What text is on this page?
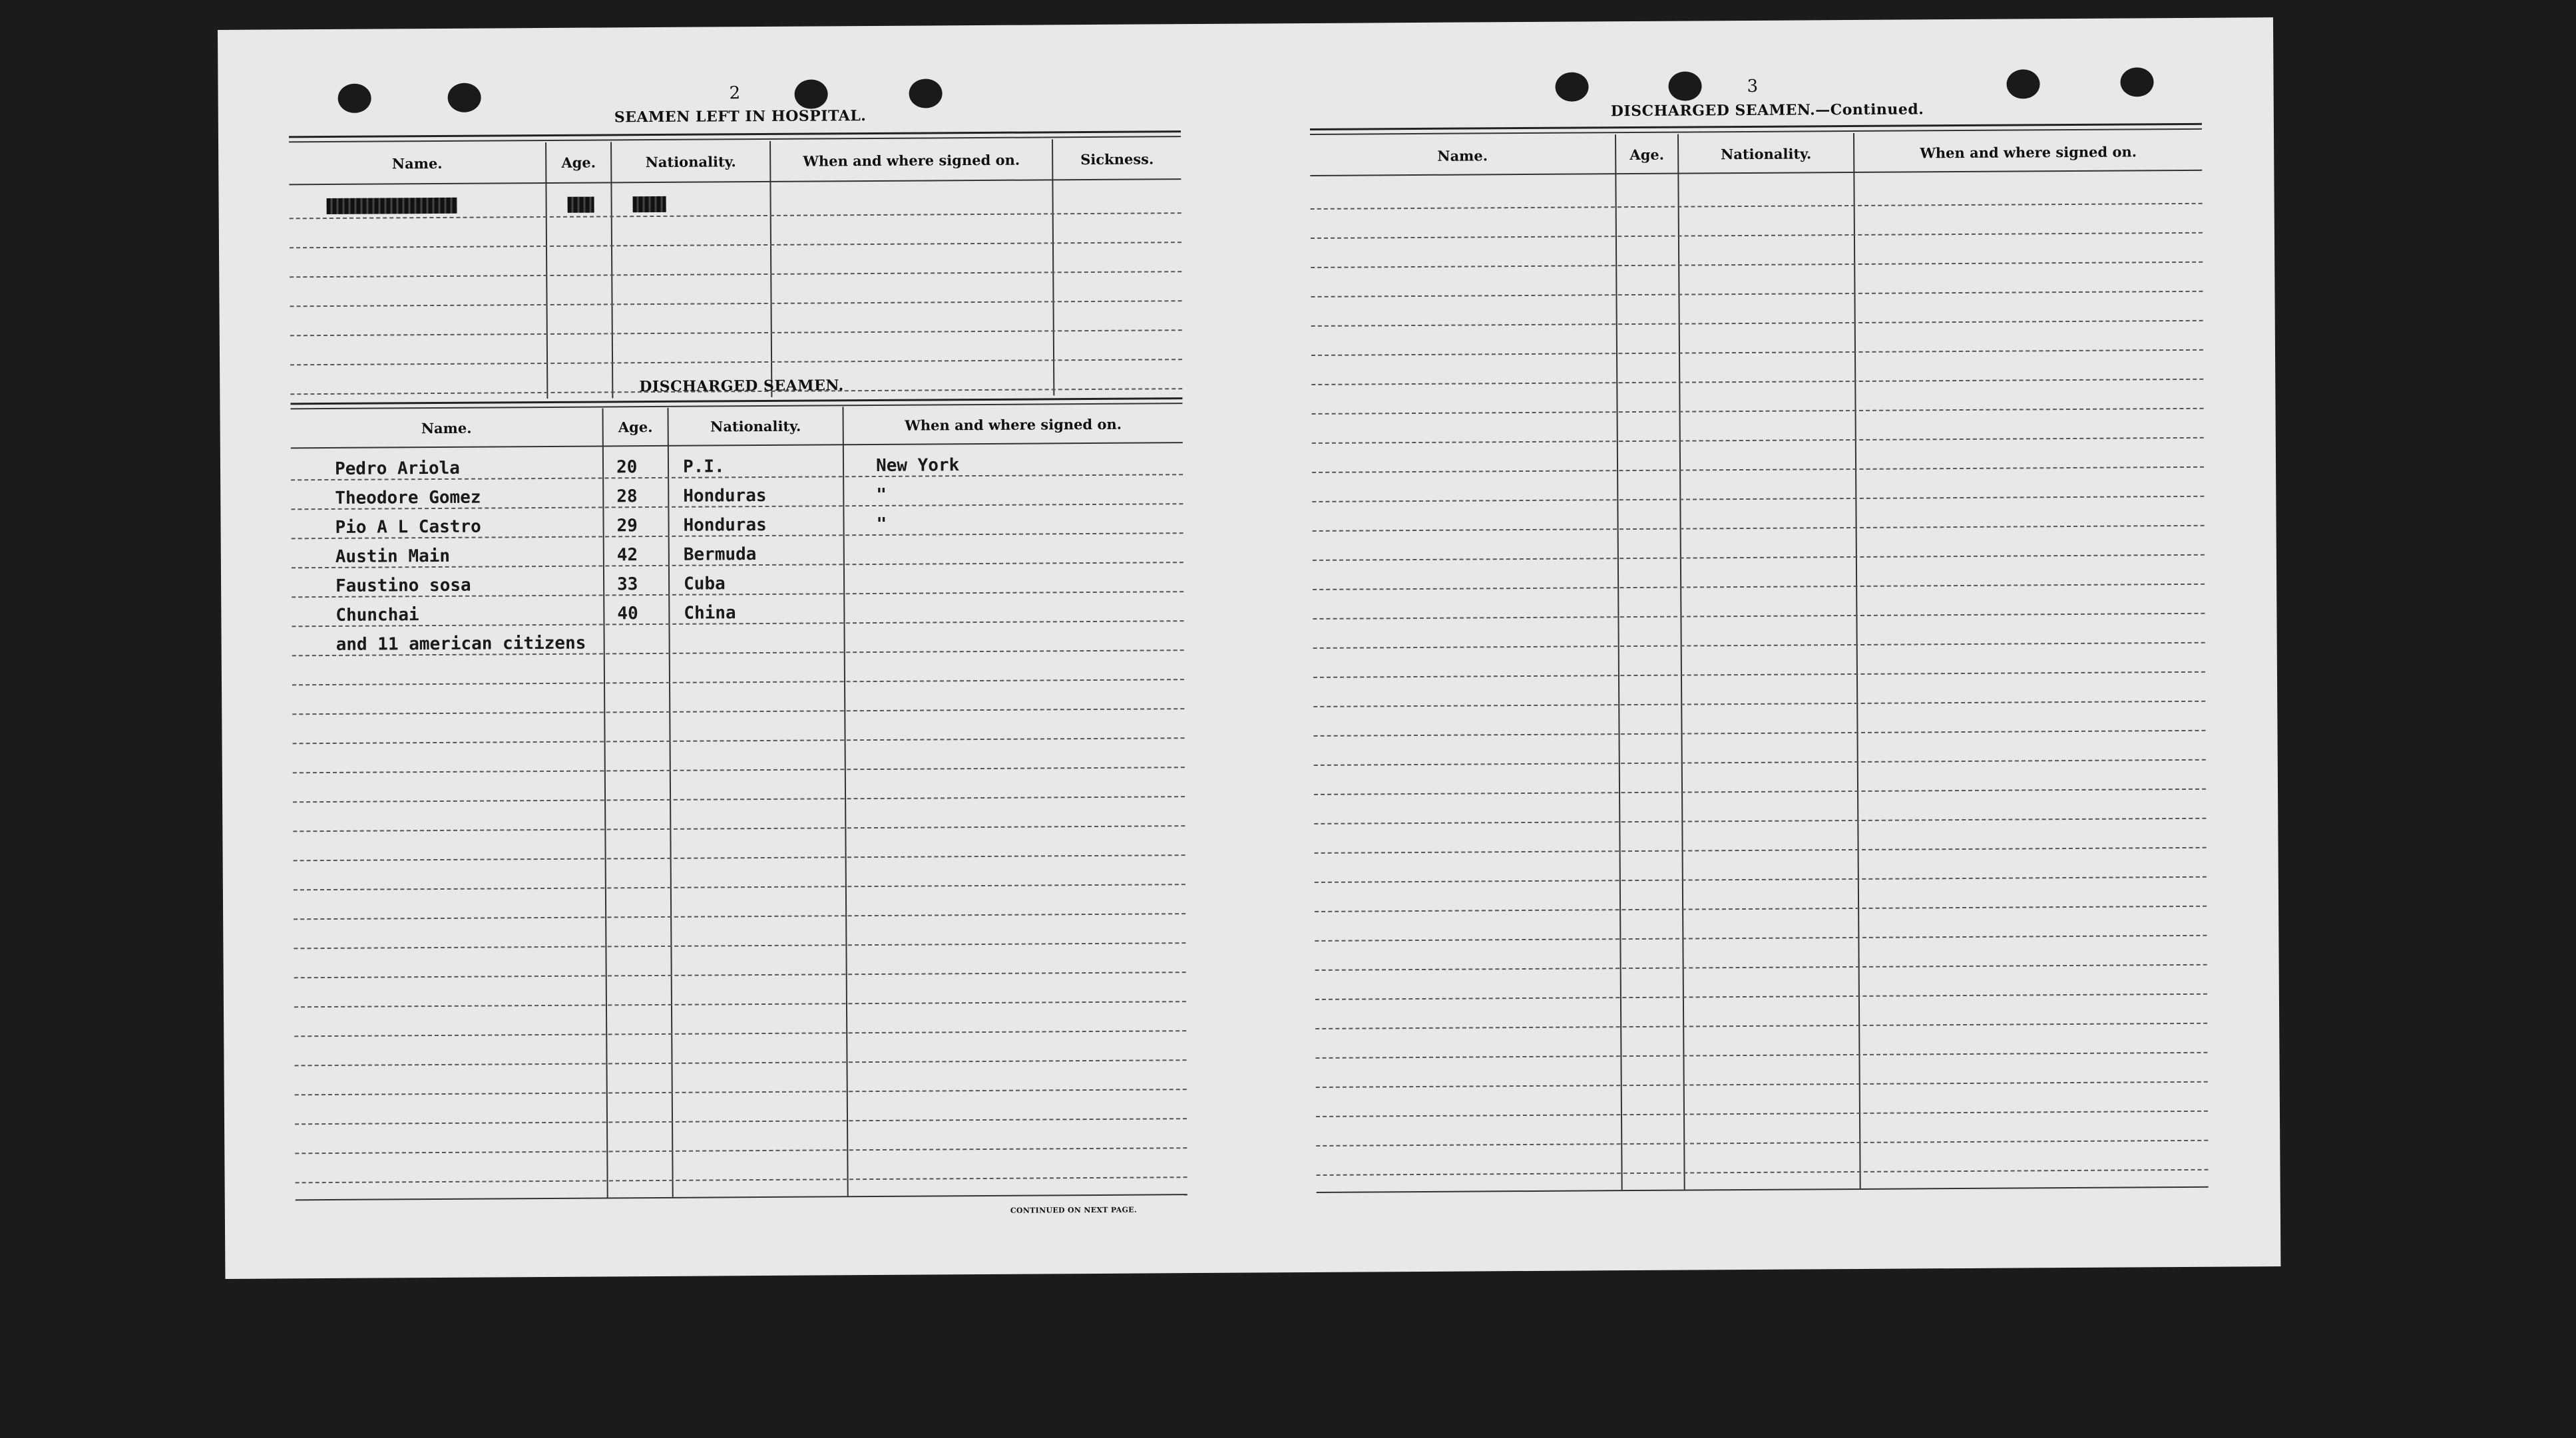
2
SEAMEN LEFT IN HOSPITAL.
Name.	Age.	Nationality.	When and where signed on.	Sickness.
DISCHARGED SEAMEN.
Name.	Age.	Nationality.	When and where signed on.
Pedro Ariola	20	P.I.	New York
Theodore Gomez	28	Honduras	"
Pio A L Castro	29	Honduras	"
Austin Main	42	Bermuda
Faustino sosa	33	Cuba
Chunchai	40	China
and 11 american citizens
CONTINUED ON NEXT PAGE.
3
DISCHARGED SEAMEN.—Continued.
Name.	Age.	Nationality.	When and where signed on.
